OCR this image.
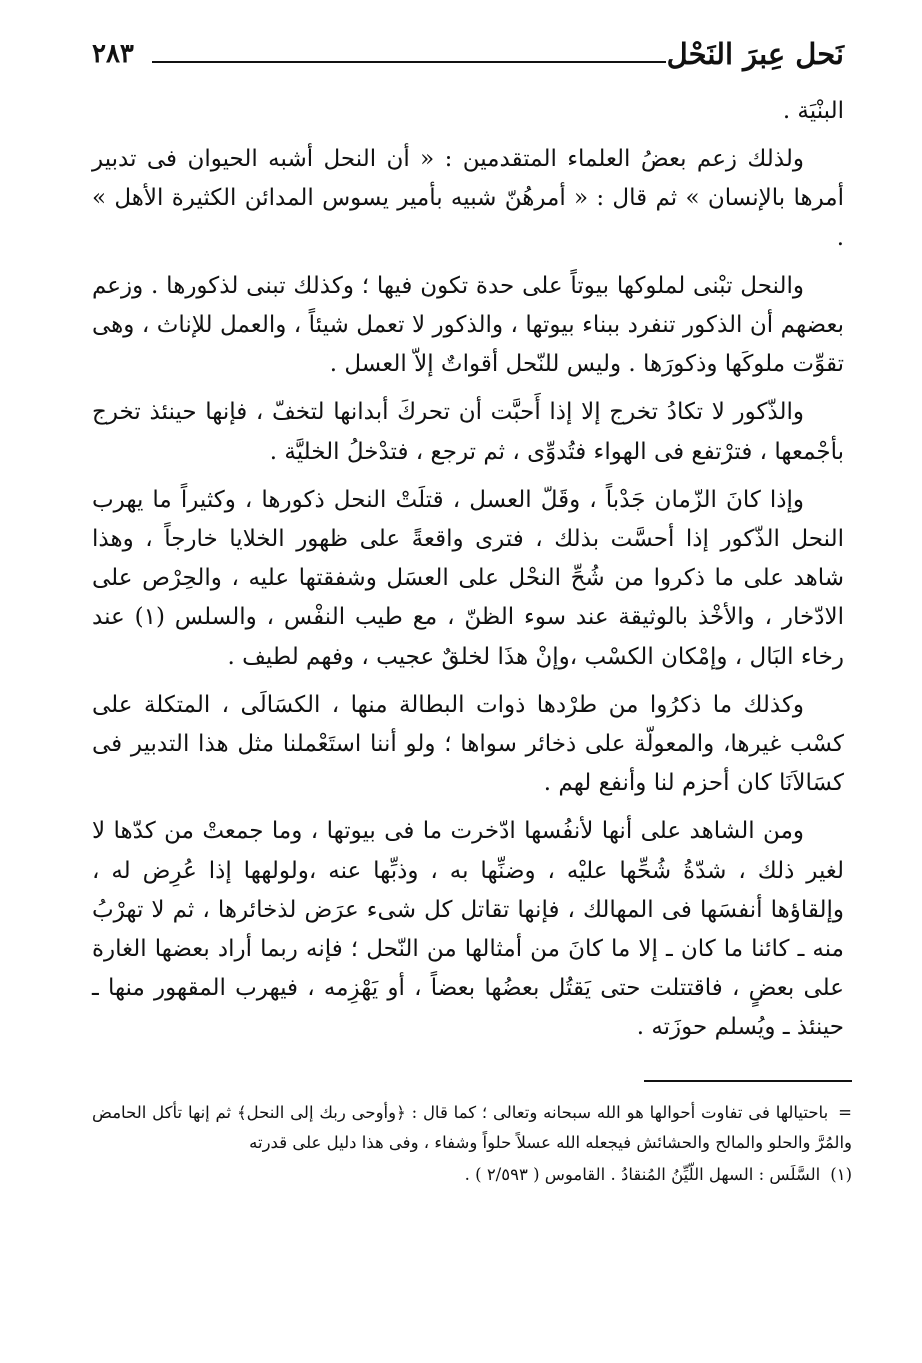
نَحل عِبرَ النَحْل
٢٨٣

البنْيَة .

ولذلك زعم بعضُ العلماء المتقدمين : « أن النحل أشبه الحيوان فى تدبير أمرها بالإنسان » ثم قال : « أمرهُنّ شبيه بأمير يسوس المدائن الكثيرة الأهل » .

والنحل تبْنى لملوكها بيوتاً على حدة تكون فيها ؛ وكذلك تبنى لذكورها . وزعم بعضهم أن الذكور تنفرد ببناء بيوتها ، والذكور لا تعمل شيئاً ، والعمل للإناث ، وهى تقوِّت ملوكَها وذكورَها . وليس للنّحل أقواتٌ إلاّ العسل .

والذّكور لا تكادُ تخرج إلا إذا أَحبَّت أن تحركَ أبدانها لتخفّ ، فإنها حينئذ تخرج بأجْمعها ، فترْتفع فى الهواء فتُدوِّى ، ثم ترجع ، فتدْخلُ الخليَّة .

وإذا كانَ الزّمان جَدْباً ، وقَلّ العسل ، قتلَتْ النحل ذكورها ، وكثيراً ما يهرب النحل الذّكور إذا أحسَّت بذلك ، فترى واقعةً على ظهور الخلايا خارجاً ، وهذا شاهد على ما ذكروا من شُحِّ النحْل على العسَل وشفقتها عليه ، والحِرْص على الادّخار ، والأخْذ بالوثيقة عند سوء الظنّ ، مع طيب النفْس ، والسلس (١) عند رخاء البَال ، وإمْكان الكسْب ،وإنْ هذَا لخلقٌ عجيب ، وفهم لطيف .

وكذلك ما ذكرُوا من طرْدها ذوات البطالة منها ، الكسَالَى ، المتكلة على كسْب غيرها، والمعولّة على ذخائر سواها ؛ ولو أننا استَعْملنا مثل هذا التدبير فى كسَالاَنَا كان أحزم لنا وأنفع لهم .

ومن الشاهد على أنها لأنفُسها ادّخرت ما فى بيوتها ، وما جمعتْ من كدّها لا لغير ذلك ، شدّةُ شُحِّها عليْه ، وضنِّها به ، وذبِّها عنه ،ولولهها إذا عُرِض له ، وإلقاؤها أنفسَها فى المهالك ، فإنها تقاتل كل شىء عرَض لذخائرها ، ثم لا تهرْبُ منه ـ كائنا ما كان ـ إلا ما كانَ من أمثالها من النّحل ؛ فإنه ربما أراد بعضها الغارة على بعضٍ ، فاقتتلت حتى يَقتُل بعضُها بعضاً ، أو يَهْزِمه ، فيهرب المقهور منها ـ حينئذ ـ ويُسلم حوزَته .

=باحتيالها فى تفاوت أحوالها هو الله سبحانه وتعالى ؛ كما قال : ﴿وأوحى ربك إلى النحل﴾ ثم إنها تأكل الحامض والمُرَّ والحلو والمالح والحشائش فيجعله الله عسلاً حلواً وشفاء ، وفى هذا دليل على قدرته

(١)السَّلَس : السهل اللّيِّنُ المُنقادُ . القاموس ( ٢/٥٩٣ ) .
